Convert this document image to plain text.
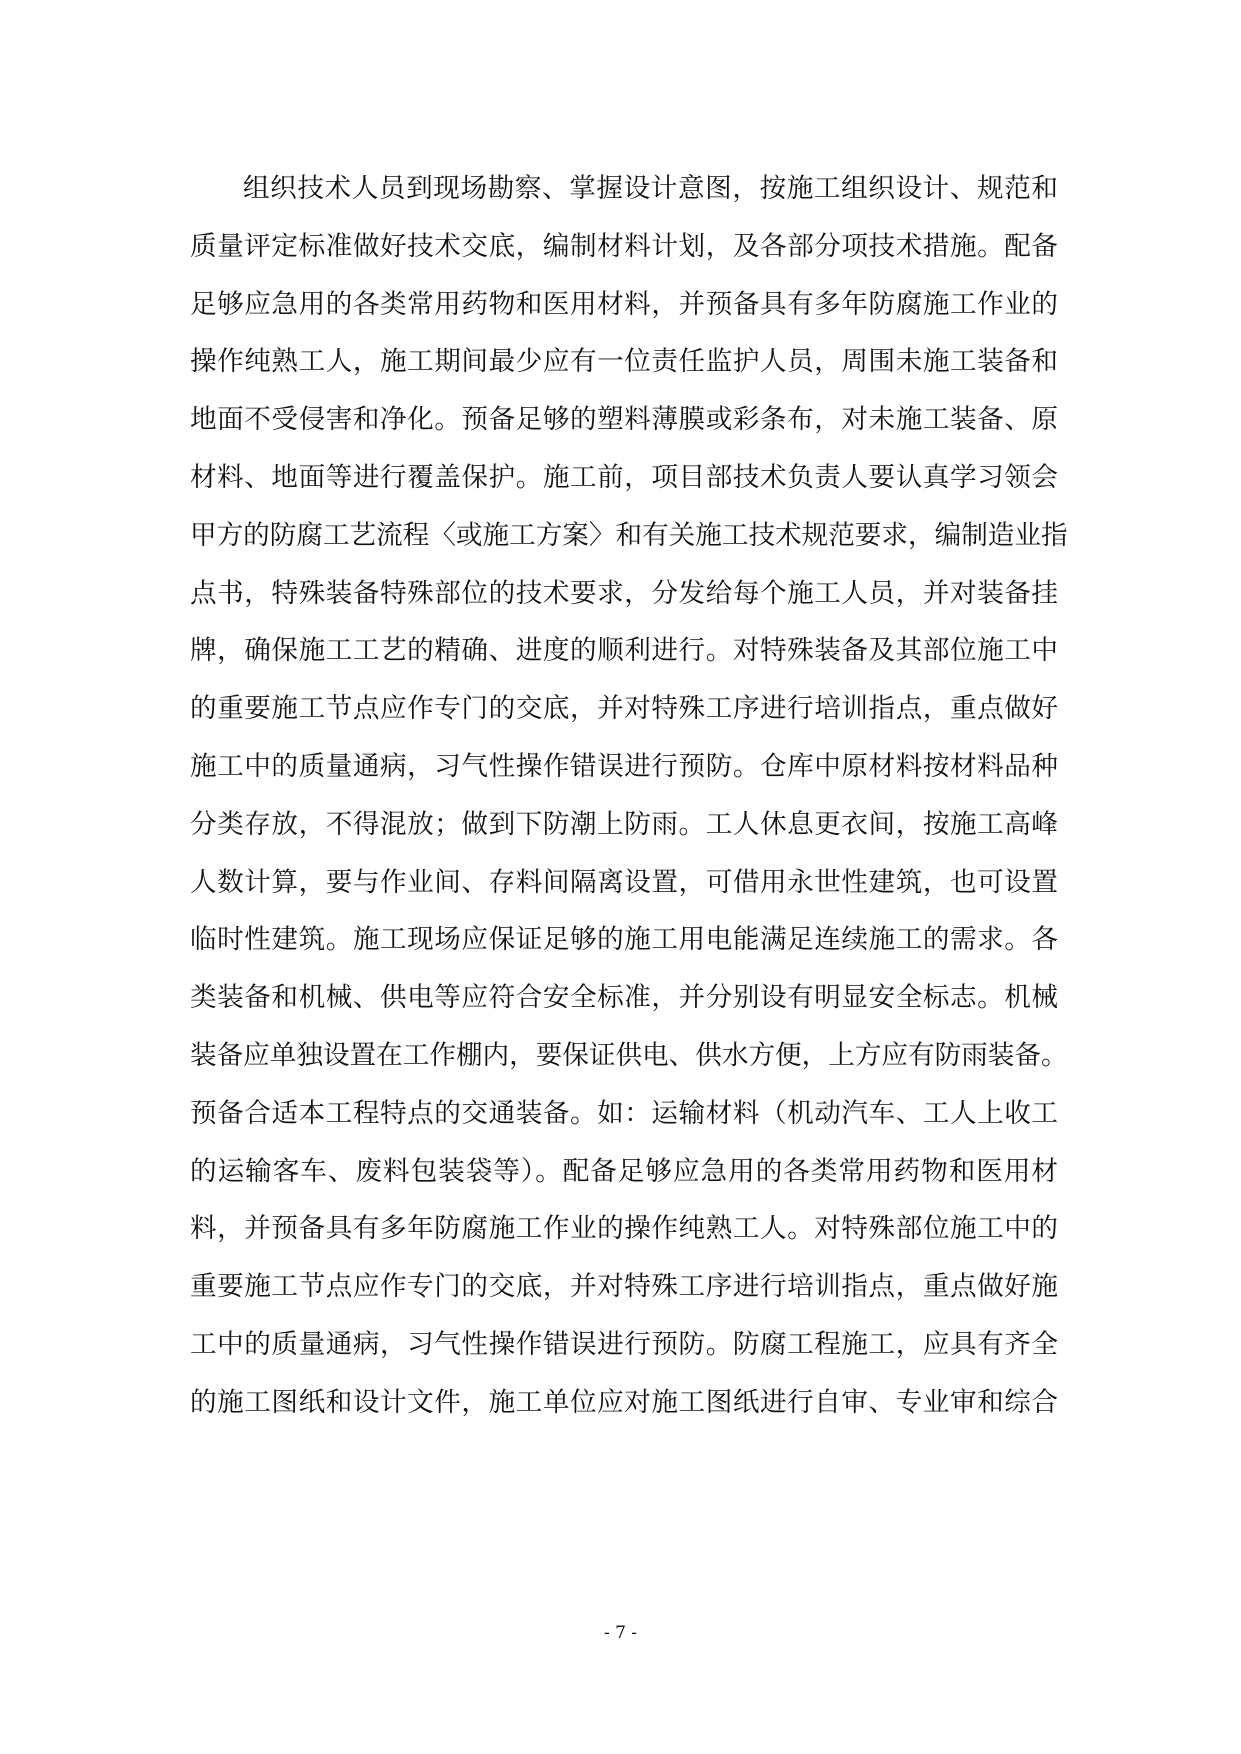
组织技术人员到现场勘察、掌握设计意图，按施工组织设计、规范和
质量评定标准做好技术交底，编制材料计划，及各部分项技术措施。配备
足够应急用的各类常用药物和医用材料，并预备具有多年防腐施工作业的
操作纯熟工人，施工期间最少应有一位责任监护人员，周围未施工装备和
地面不受侵害和净化。预备足够的塑料薄膜或彩条布，对未施工装备、原
材料、地面等进行覆盖保护。施工前，项目部技术负责人要认真学习领会
甲方的防腐工艺流程〈或施工方案〉和有关施工技术规范要求，编制造业指
点书，特殊装备特殊部位的技术要求，分发给每个施工人员，并对装备挂
牌，确保施工工艺的精确、进度的顺利进行。对特殊装备及其部位施工中
的重要施工节点应作专门的交底，并对特殊工序进行培训指点，重点做好
施工中的质量通病，习气性操作错误进行预防。仓库中原材料按材料品种
分类存放，不得混放；做到下防潮上防雨。工人休息更衣间，按施工高峰
人数计算，要与作业间、存料间隔离设置，可借用永世性建筑，也可设置
临时性建筑。施工现场应保证足够的施工用电能满足连续施工的需求。各
类装备和机械、供电等应符合安全标准，并分别设有明显安全标志。机械
装备应单独设置在工作棚内，要保证供电、供水方便，上方应有防雨装备。
预备合适本工程特点的交通装备。如：运输材料（机动汽车、工人上收工
的运输客车、废料包装袋等）。配备足够应急用的各类常用药物和医用材
料，并预备具有多年防腐施工作业的操作纯熟工人。对特殊部位施工中的
重要施工节点应作专门的交底，并对特殊工序进行培训指点，重点做好施
工中的质量通病，习气性操作错误进行预防。防腐工程施工，应具有齐全
的施工图纸和设计文件，施工单位应对施工图纸进行自审、专业审和综合
- 7 -
